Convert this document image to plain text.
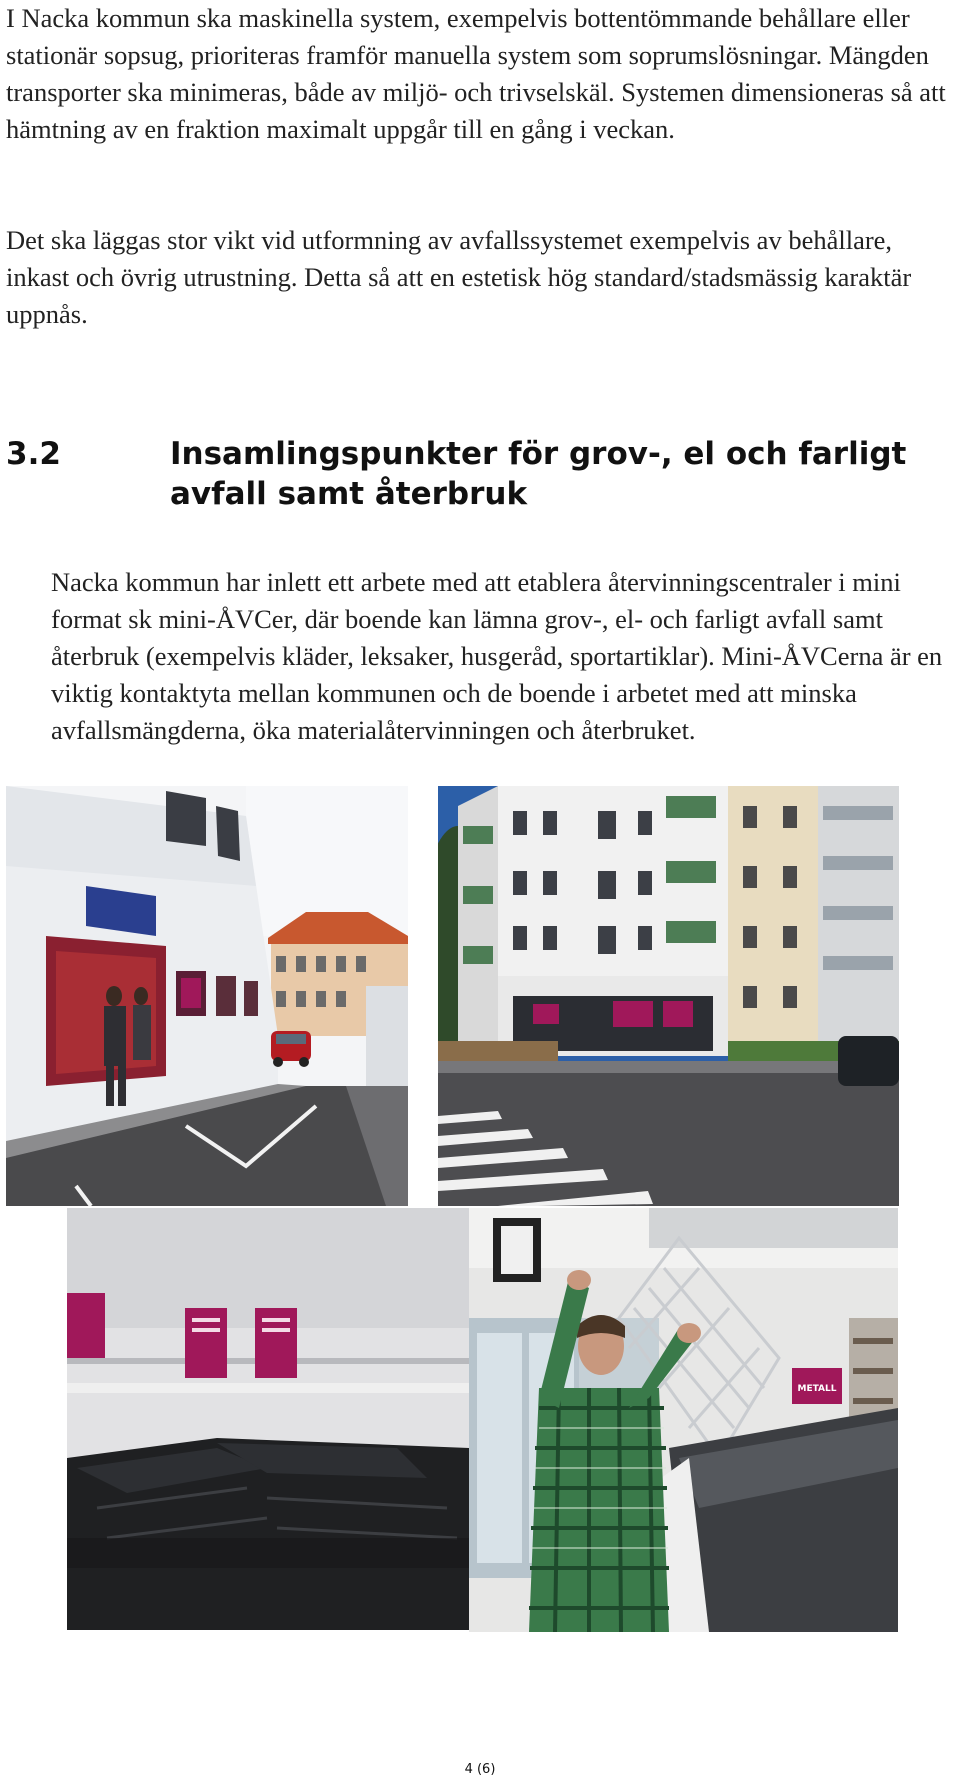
I Nacka kommun ska maskinella system, exempelvis bottentömmande behållare eller stationär sopsug, prioriteras framför manuella system som soprumslösningar. Mängden transporter ska minimeras, både av miljö- och trivselskäl. Systemen dimensioneras så att hämtning av en fraktion maximalt uppgår till en gång i veckan.

Det ska läggas stor vikt vid utformning av avfallssystemet exempelvis av behållare, inkast och övrig utrustning. Detta så att en estetisk hög standard/stadsmässig karaktär uppnås.

3.2	Insamlingspunkter för grov-, el och farligt avfall samt återbruk

Nacka kommun har inlett ett arbete med att etablera återvinningscentraler i mini format sk mini-ÅVCer, där boende kan lämna grov-, el- och farligt avfall samt återbruk (exempelvis kläder, leksaker, husgeråd, sportartiklar). Mini-ÅVCerna är en viktig kontaktyta mellan kommunen och de boende i arbetet med att minska avfallsmängderna, öka materialåtervinningen och återbruket.

METALL
4 (6)
